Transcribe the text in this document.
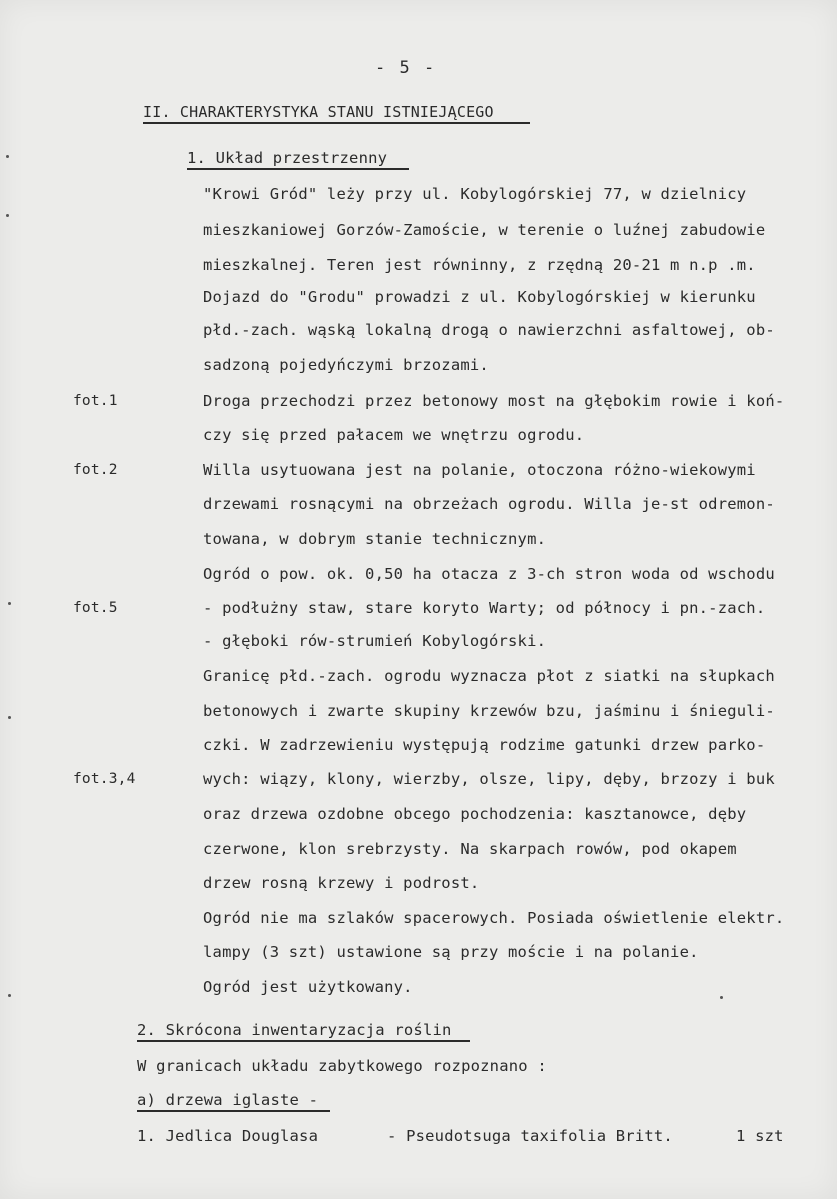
- 5 -
II. CHARAKTERYSTYKA STANU ISTNIEJĄCEGO
1. Układ przestrzenny
"Krowi Gród" leży przy ul. Kobylogórskiej 77, w dzielnicy
mieszkaniowej Gorzów-Zamoście, w terenie o luźnej zabudowie
mieszkalnej. Teren jest równinny, z rzędną 20-21 m n.p .m.
Dojazd do "Grodu" prowadzi z ul. Kobylogórskiej w kierunku
płd.-zach. wąską lokalną drogą o nawierzchni asfaltowej, ob-
sadzoną pojedyńczymi brzozami.
Droga przechodzi przez betonowy most na głębokim rowie i koń-
czy się przed pałacem we wnętrzu ogrodu.
Willa usytuowana jest na polanie, otoczona różno-wiekowymi
drzewami rosnącymi na obrzeżach ogrodu. Willa je-st odremon-
towana, w dobrym stanie technicznym.
Ogród o pow. ok. 0,50 ha otacza z 3-ch stron woda od wschodu
- podłużny staw, stare koryto Warty; od północy i pn.-zach.
- głęboki rów-strumień Kobylogórski.
Granicę płd.-zach. ogrodu wyznacza płot z siatki na słupkach
betonowych i zwarte skupiny krzewów bzu, jaśminu i śnieguli-
czki. W zadrzewieniu występują rodzime gatunki drzew parko-
wych: wiązy, klony, wierzby, olsze, lipy, dęby, brzozy i buk
oraz drzewa ozdobne obcego pochodzenia: kasztanowce, dęby
czerwone, klon srebrzysty. Na skarpach rowów, pod okapem
drzew rosną krzewy i podrost.
Ogród nie ma szlaków spacerowych. Posiada oświetlenie elektr.
lampy (3 szt) ustawione są przy moście i na polanie.
Ogród jest użytkowany.
fot.1
fot.2
fot.5
fot.3,4
2. Skrócona inwentaryzacja roślin
W granicach układu zabytkowego rozpoznano :
a) drzewa iglaste -
1. Jedlica Douglasa	- Pseudotsuga taxifolia Britt.	1 szt
